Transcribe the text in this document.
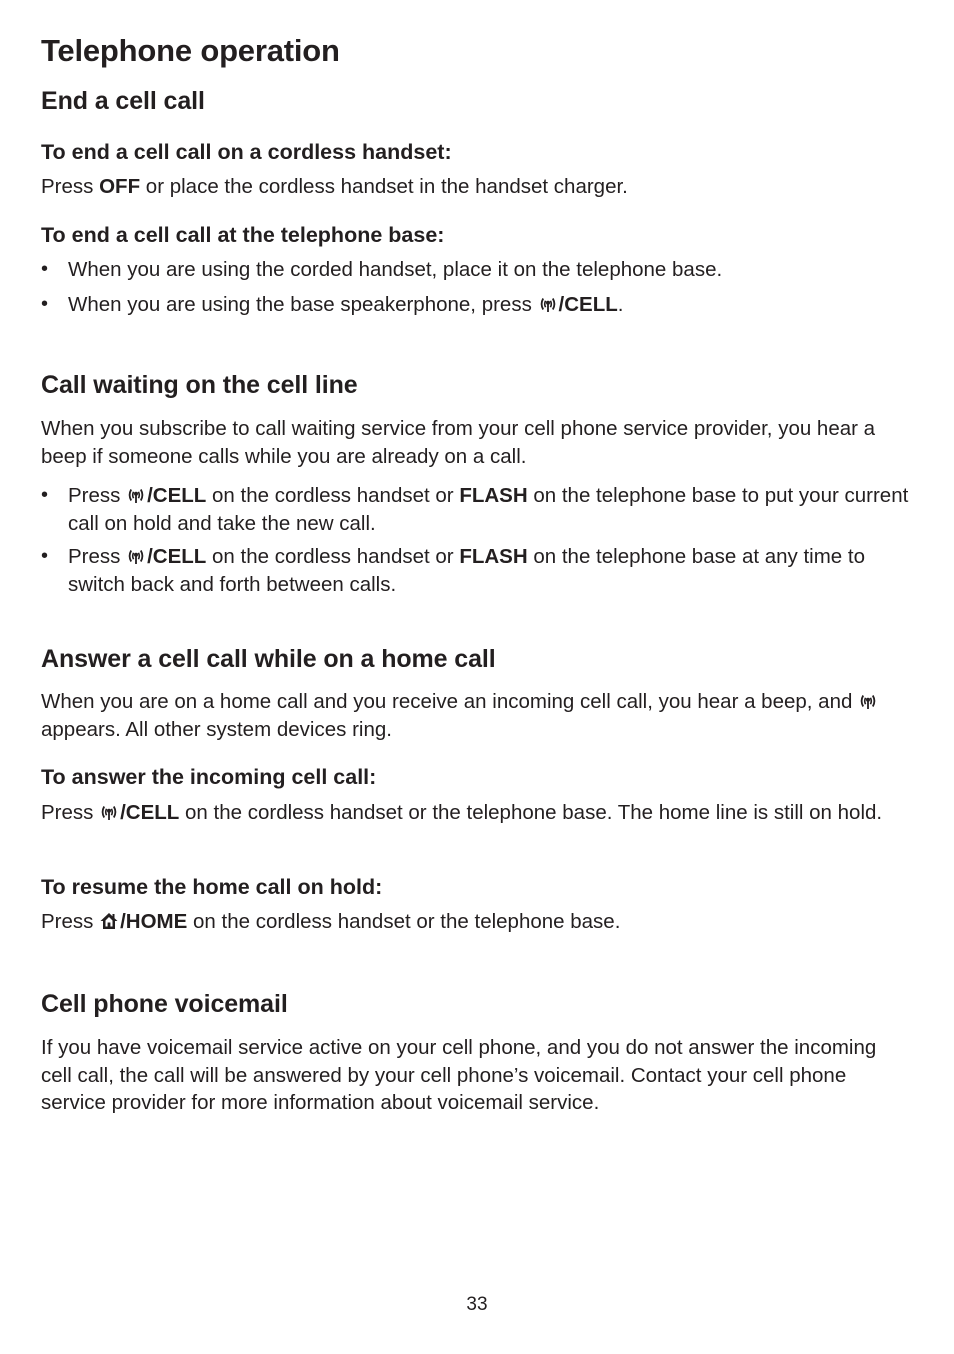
Telephone operation
End a cell call
To end a cell call on a cordless handset:

Press OFF or place the cordless handset in the handset charger.

To end a cell call at the telephone base:
• When you are using the corded handset, place it on the telephone base.
• When you are using the base speakerphone, press
/CELL.
Call waiting on the cell line

When you subscribe to call waiting service from your cell phone service provider, you hear a beep if someone calls while you are already on a call.

• Press
/CELL on the cordless handset or FLASH on the telephone base to put your current call on hold and take the new call.
• Press
/CELL on the cordless handset or FLASH on the telephone base at any time to switch back and forth between calls.
Answer a cell call while on a home call

When you are on a home call and you receive an incoming cell call, you hear a beep, and
appears. All other system devices ring.

To answer the incoming cell call:

Press
/CELL on the cordless handset or the telephone base. The home line is still on hold.

To resume the home call on hold:

Press
/HOME on the cordless handset or the telephone base.

Cell phone voicemail

If you have voicemail service active on your cell phone, and you do not answer the incoming cell call, the call will be answered by your cell phone’s voicemail. Contact your cell phone service provider for more information about voicemail service.

33
